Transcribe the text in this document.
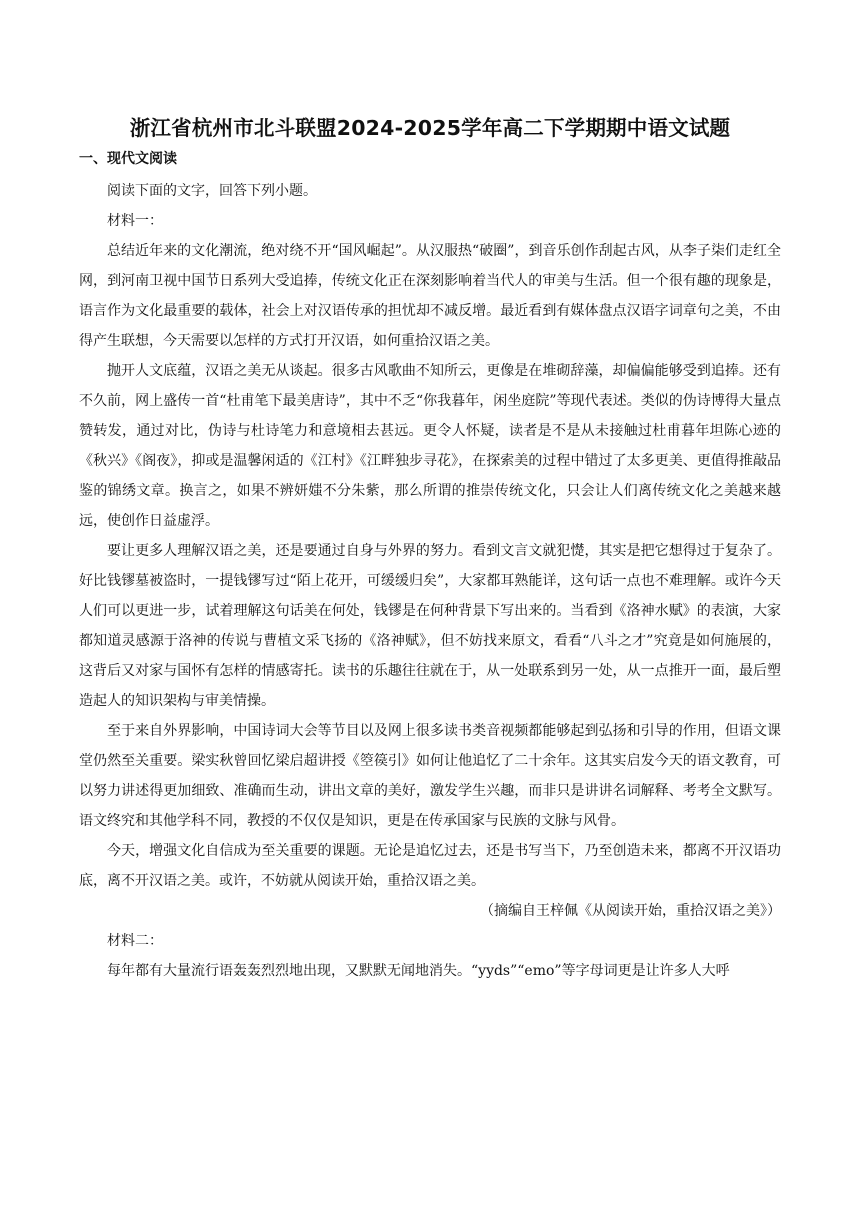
浙江省杭州市北斗联盟2024-2025学年高二下学期期中语文试题
一、现代文阅读

阅读下面的文字，回答下列小题。

材料一：

总结近年来的文化潮流，绝对绕不开“国风崛起”。从汉服热“破圈”，到音乐创作刮起古风，从李子柒们走红全网，到河南卫视中国节日系列大受追捧，传统文化正在深刻影响着当代人的审美与生活。但一个很有趣的现象是，语言作为文化最重要的载体，社会上对汉语传承的担忧却不减反增。最近看到有媒体盘点汉语字词章句之美，不由得产生联想，今天需要以怎样的方式打开汉语，如何重拾汉语之美。

抛开人文底蕴，汉语之美无从谈起。很多古风歌曲不知所云，更像是在堆砌辞藻，却偏偏能够受到追捧。还有不久前，网上盛传一首“杜甫笔下最美唐诗”，其中不乏“你我暮年，闲坐庭院”等现代表述。类似的伪诗博得大量点赞转发，通过对比，伪诗与杜诗笔力和意境相去甚远。更令人怀疑，读者是不是从未接触过杜甫暮年坦陈心迹的《秋兴》《阁夜》，抑或是温馨闲适的《江村》《江畔独步寻花》，在探索美的过程中错过了太多更美、更值得推敲品鉴的锦绣文章。换言之，如果不辨妍媸不分朱紫，那么所谓的推崇传统文化，只会让人们离传统文化之美越来越远，使创作日益虚浮。

要让更多人理解汉语之美，还是要通过自身与外界的努力。看到文言文就犯憷，其实是把它想得过于复杂了。好比钱镠墓被盗时，一提钱镠写过“陌上花开，可缓缓归矣”，大家都耳熟能详，这句话一点也不难理解。或许今天人们可以更进一步，试着理解这句话美在何处，钱镠是在何种背景下写出来的。当看到《洛神水赋》的表演，大家都知道灵感源于洛神的传说与曹植文采飞扬的《洛神赋》，但不妨找来原文，看看“八斗之才”究竟是如何施展的，这背后又对家与国怀有怎样的情感寄托。读书的乐趣往往就在于，从一处联系到另一处，从一点推开一面，最后塑造起人的知识架构与审美情操。

至于来自外界影响，中国诗词大会等节目以及网上很多读书类音视频都能够起到弘扬和引导的作用，但语文课堂仍然至关重要。梁实秋曾回忆梁启超讲授《箜篌引》如何让他追忆了二十余年。这其实启发今天的语文教育，可以努力讲述得更加细致、准确而生动，讲出文章的美好，激发学生兴趣，而非只是讲讲名词解释、考考全文默写。语文终究和其他学科不同，教授的不仅仅是知识，更是在传承国家与民族的文脉与风骨。

今天，增强文化自信成为至关重要的课题。无论是追忆过去，还是书写当下，乃至创造未来，都离不开汉语功底，离不开汉语之美。或许，不妨就从阅读开始，重拾汉语之美。

（摘编自王梓佩《从阅读开始，重拾汉语之美》）

材料二：

每年都有大量流行语轰轰烈烈地出现，又默默无闻地消失。“yyds”“emo”等字母词更是让许多人大呼
